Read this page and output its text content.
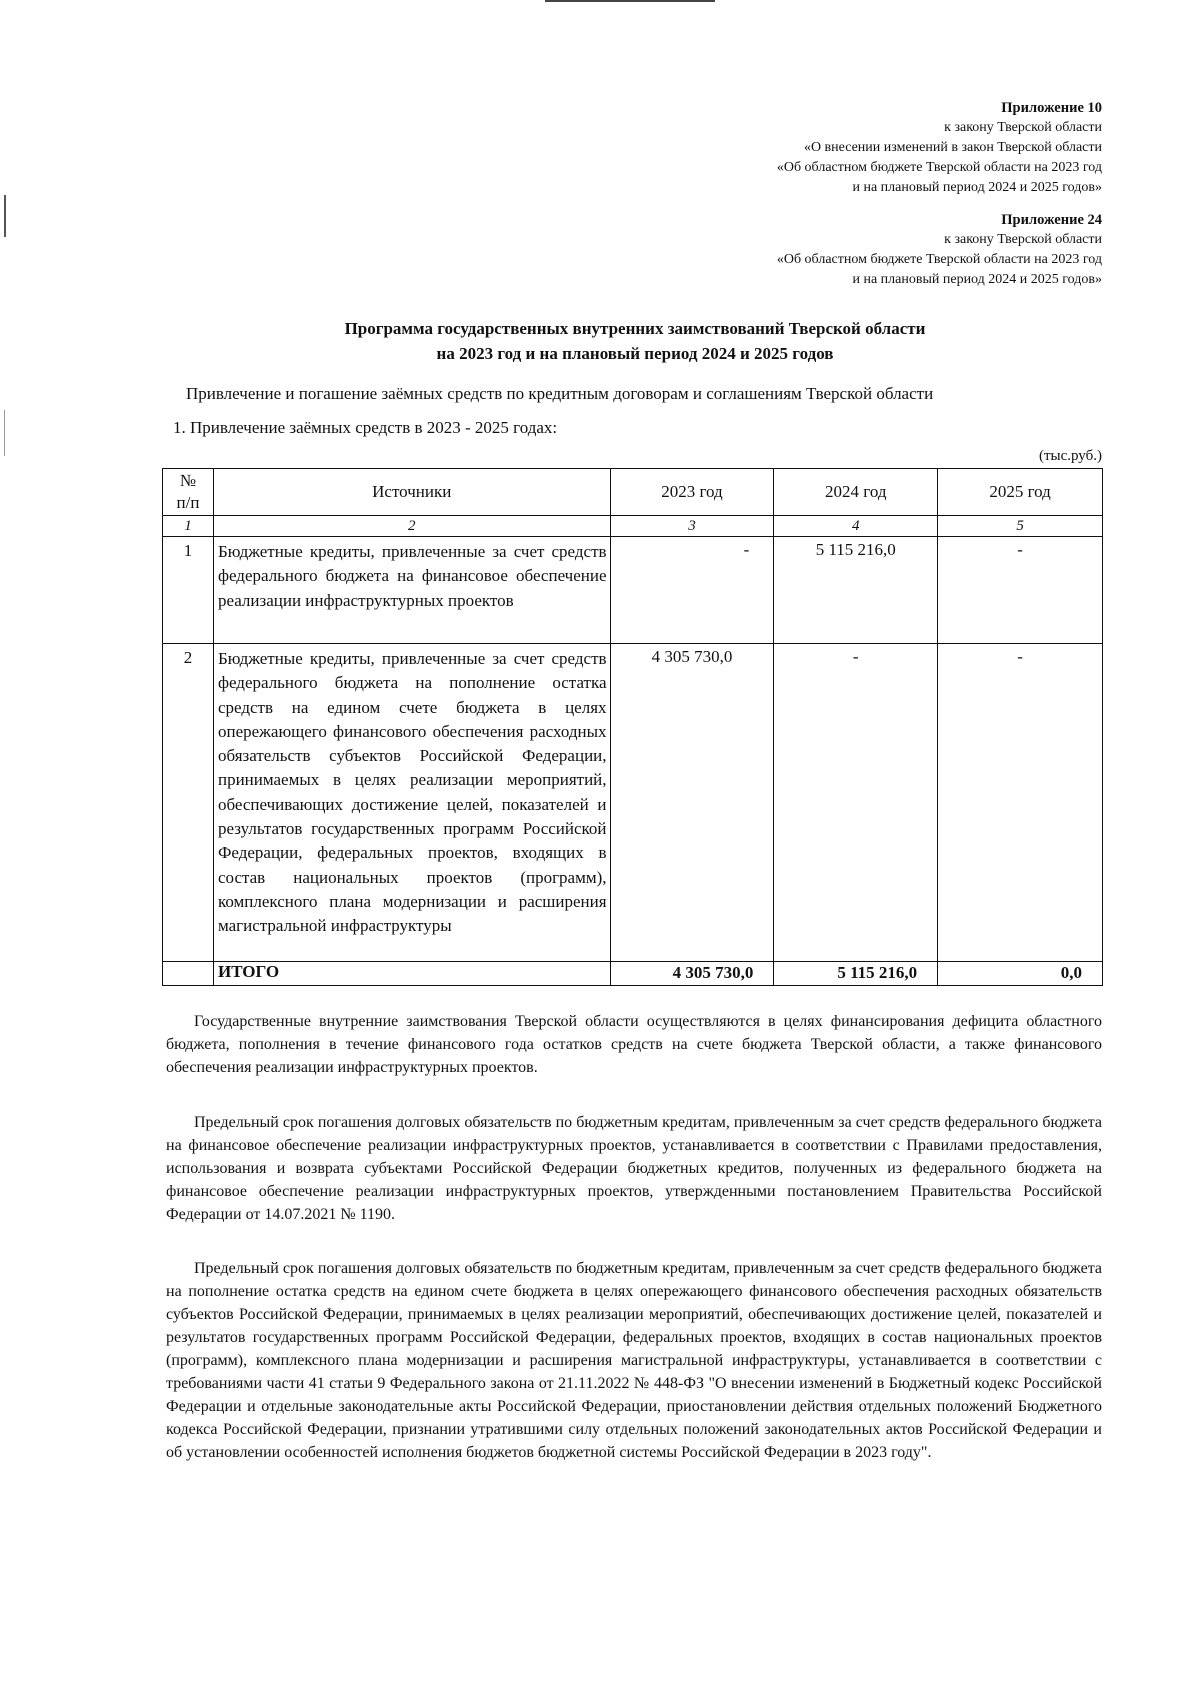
Приложение 10
к закону Тверской области
«О внесении изменений в закон Тверской области
«Об областном бюджете Тверской области на 2023 год
и на плановый период 2024 и 2025 годов»
Приложение 24
к закону Тверской области
«Об областном бюджете Тверской области на 2023 год
и на плановый период 2024 и 2025 годов»
Программа государственных внутренних заимствований Тверской области
на 2023 год и на плановый период 2024 и 2025 годов
Привлечение и погашение заёмных средств по кредитным договорам и соглашениям Тверской области
1. Привлечение заёмных средств в 2023 - 2025 годах:
(тыс.руб.)
№ п/п	Источники	2023 год	2024 год	2025 год
1	2	3	4	5
1	Бюджетные кредиты, привлеченные за счет средств федерального бюджета на финансовое обеспечение реализации инфраструктурных проектов	-	5 115 216,0	-
2	Бюджетные кредиты, привлеченные за счет средств федерального бюджета на пополнение остатка средств на едином счете бюджета в целях опережающего финансового обеспечения расходных обязательств субъектов Российской Федерации, принимаемых в целях реализации мероприятий, обеспечивающих достижение целей, показателей и результатов государственных программ Российской Федерации, федеральных проектов, входящих в состав национальных проектов (программ), комплексного плана модернизации и расширения магистральной инфраструктуры	4 305 730,0	-	-
	ИТОГО	4 305 730,0	5 115 216,0	0,0
Государственные внутренние заимствования Тверской области осуществляются в целях финансирования дефицита областного бюджета, пополнения в течение финансового года остатков средств на счете бюджета Тверской области, а также финансового обеспечения реализации инфраструктурных проектов.
Предельный срок погашения долговых обязательств по бюджетным кредитам, привлеченным за счет средств федерального бюджета на финансовое обеспечение реализации инфраструктурных проектов, устанавливается в соответствии с Правилами предоставления, использования и возврата субъектами Российской Федерации бюджетных кредитов, полученных из федерального бюджета на финансовое обеспечение реализации инфраструктурных проектов, утвержденными постановлением Правительства Российской Федерации от 14.07.2021 № 1190.
Предельный срок погашения долговых обязательств по бюджетным кредитам, привлеченным за счет средств федерального бюджета на пополнение остатка средств на едином счете бюджета в целях опережающего финансового обеспечения расходных обязательств субъектов Российской Федерации, принимаемых в целях реализации мероприятий, обеспечивающих достижение целей, показателей и результатов государственных программ Российской Федерации, федеральных проектов, входящих в состав национальных проектов (программ), комплексного плана модернизации и расширения магистральной инфраструктуры, устанавливается в соответствии с требованиями части 41 статьи 9 Федерального закона от 21.11.2022 № 448-ФЗ "О внесении изменений в Бюджетный кодекс Российской Федерации и отдельные законодательные акты Российской Федерации, приостановлении действия отдельных положений Бюджетного кодекса Российской Федерации, признании утратившими силу отдельных положений законодательных актов Российской Федерации и об установлении особенностей исполнения бюджетов бюджетной системы Российской Федерации в 2023 году".
